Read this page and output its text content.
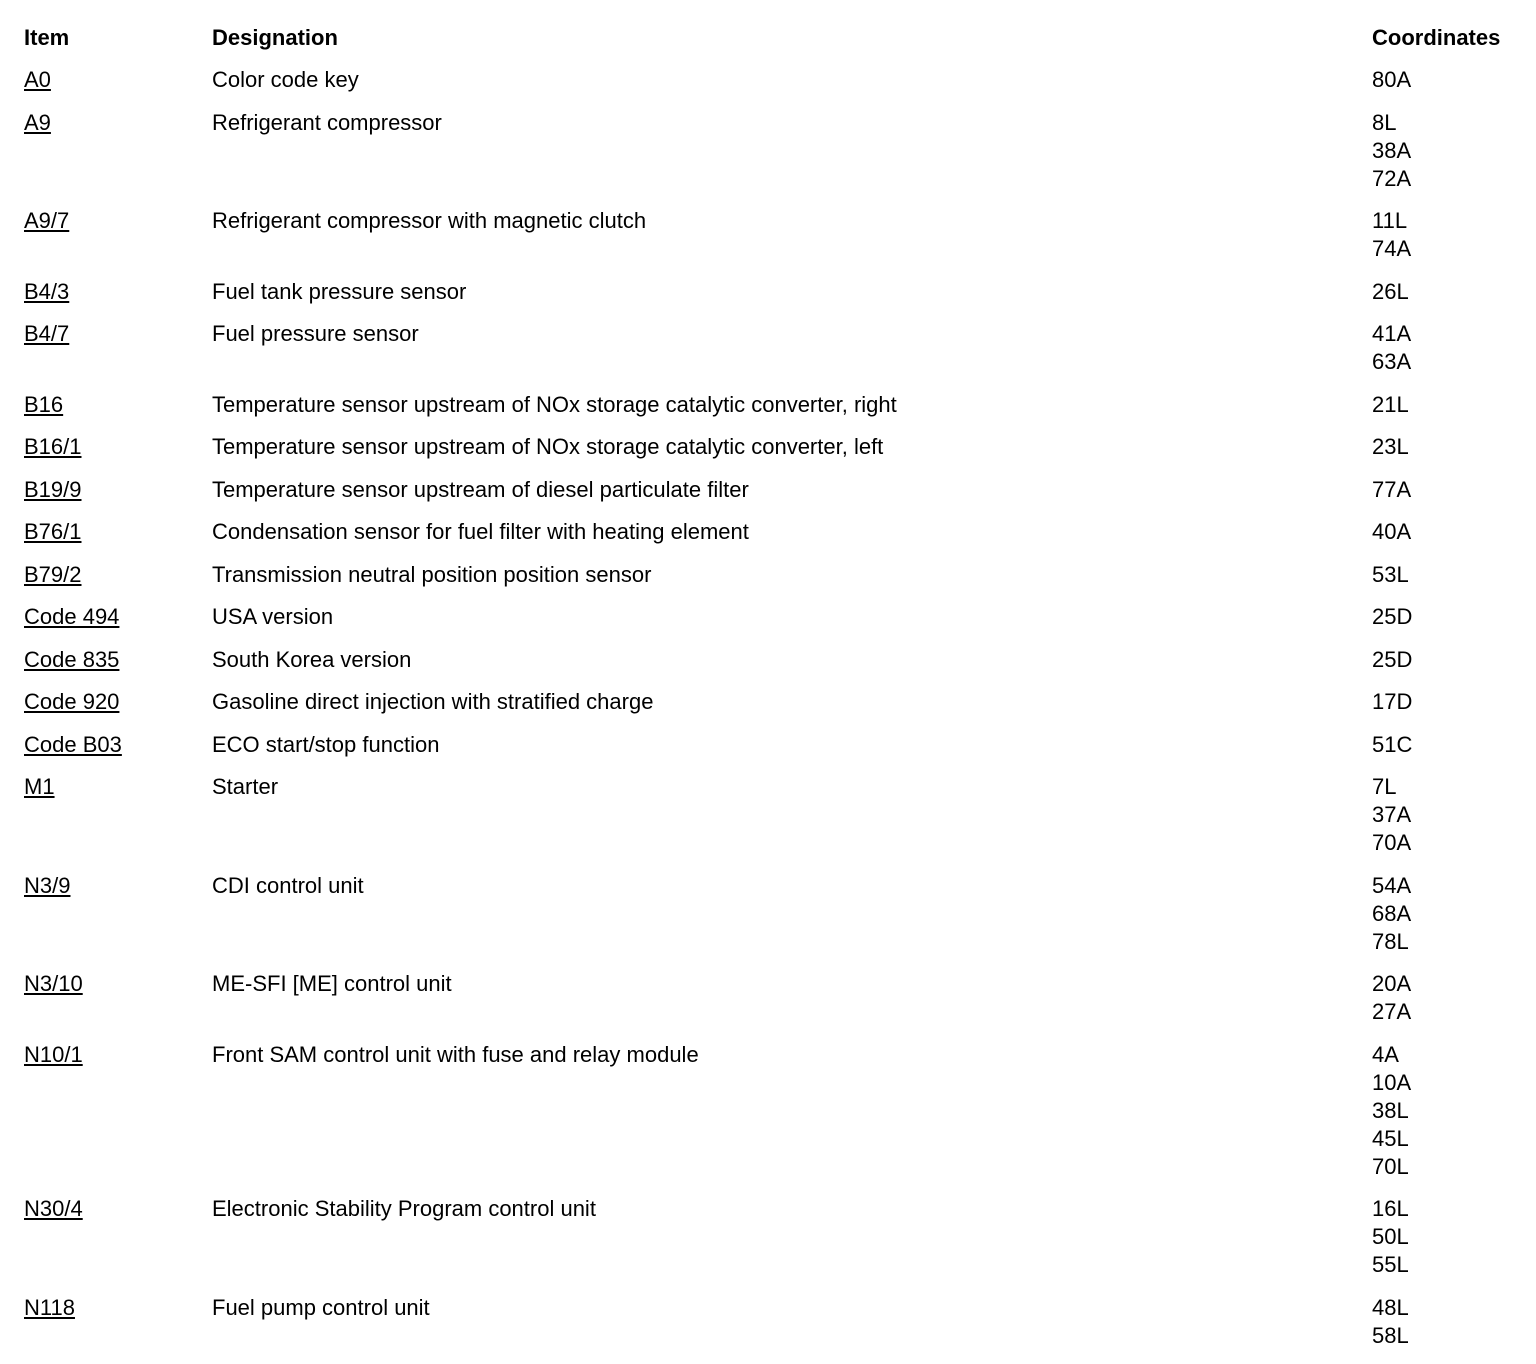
Item	Designation	Coordinates
A0	Color code key	80A
A9	Refrigerant compressor	8L
38A
72A
A9/7	Refrigerant compressor with magnetic clutch	11L
74A
B4/3	Fuel tank pressure sensor	26L
B4/7	Fuel pressure sensor	41A
63A
B16	Temperature sensor upstream of NOx storage catalytic converter, right	21L
B16/1	Temperature sensor upstream of NOx storage catalytic converter, left	23L
B19/9	Temperature sensor upstream of diesel particulate filter	77A
B76/1	Condensation sensor for fuel filter with heating element	40A
B79/2	Transmission neutral position position sensor	53L
Code 494	USA version	25D
Code 835	South Korea version	25D
Code 920	Gasoline direct injection with stratified charge	17D
Code B03	ECO start/stop function	51C
M1	Starter	7L
37A
70A
N3/9	CDI control unit	54A
68A
78L
N3/10	ME-SFI [ME] control unit	20A
27A
N10/1	Front SAM control unit with fuse and relay module	4A
10A
38L
45L
70L
N30/4	Electronic Stability Program control unit	16L
50L
55L
N118	Fuel pump control unit	48L
58L
